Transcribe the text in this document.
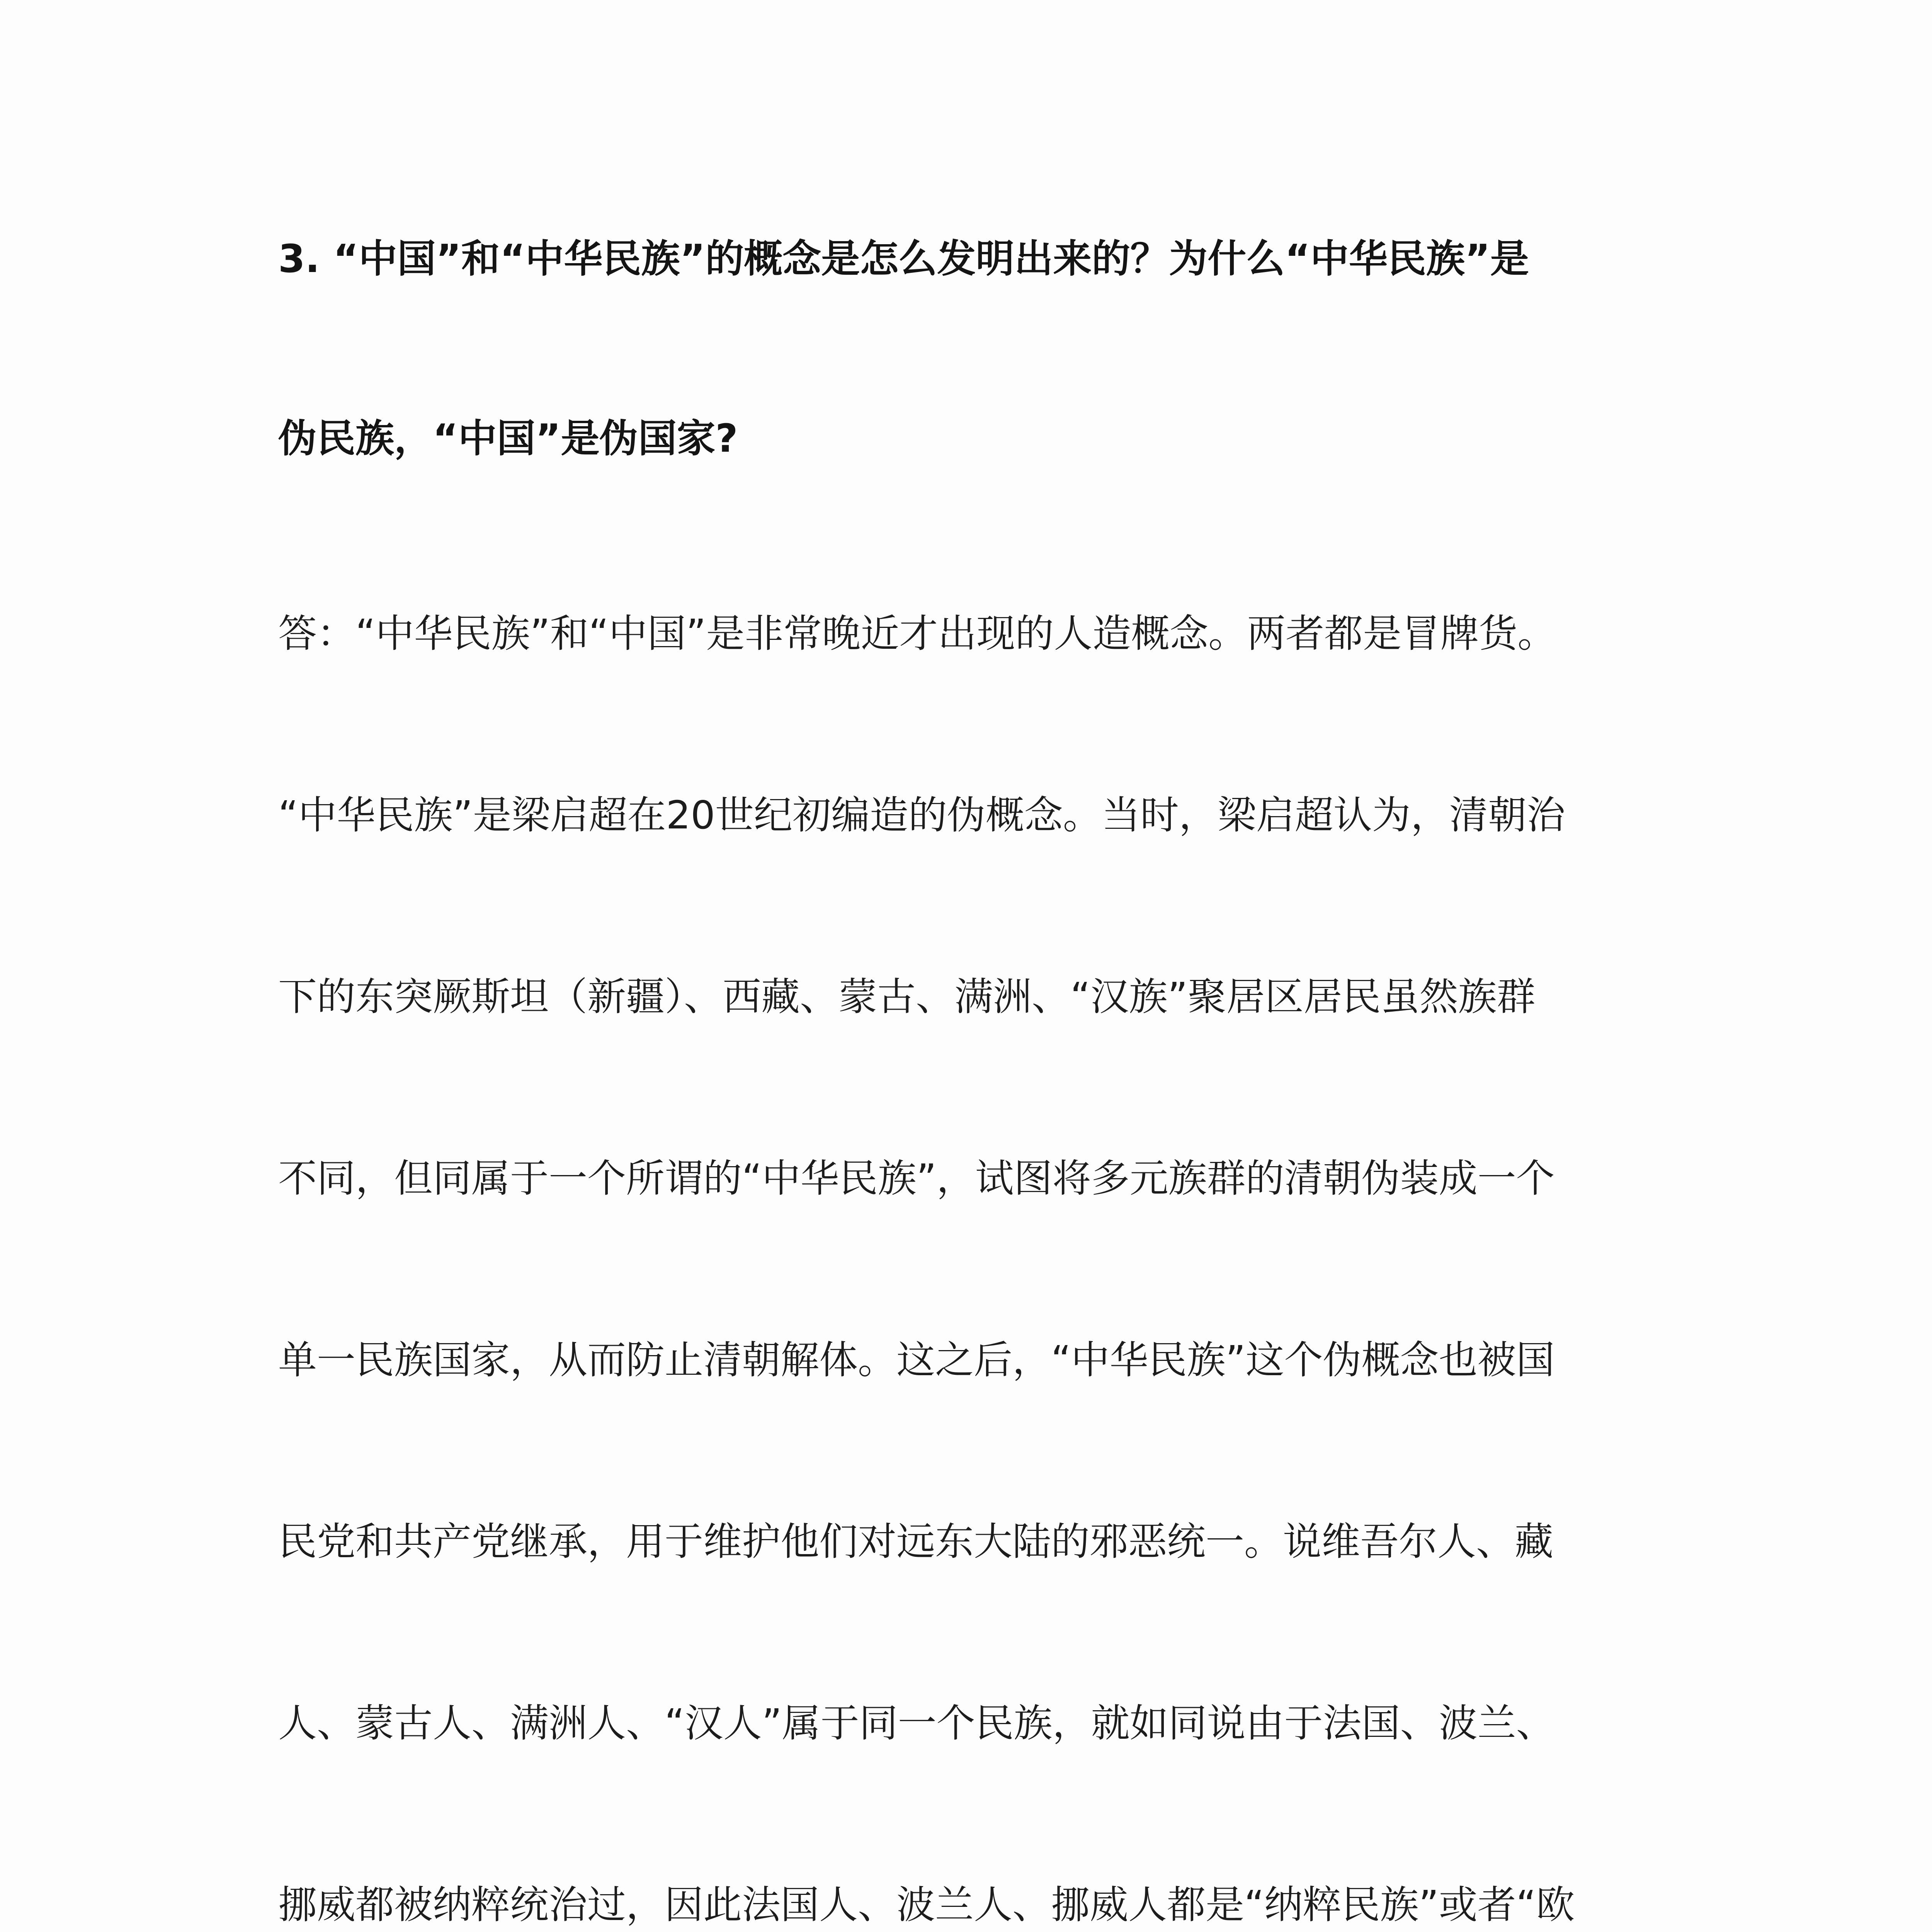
3. “中国”和“中华民族”的概念是怎么发明出来的？为什么“中华民族”是
伪民族，“中国”是伪国家?
答：“中华民族”和“中国”是非常晚近才出现的人造概念。两者都是冒牌货。
“中华民族”是梁启超在20世纪初编造的伪概念。当时，梁启超认为，清朝治
下的东突厥斯坦（新疆）、西藏、蒙古、满洲、“汉族”聚居区居民虽然族群
不同，但同属于一个所谓的“中华民族”，试图将多元族群的清朝伪装成一个
单一民族国家，从而防止清朝解体。这之后，“中华民族”这个伪概念也被国
民党和共产党继承，用于维护他们对远东大陆的邪恶统一。说维吾尔人、藏
人、蒙古人、满洲人、“汉人”属于同一个民族，就如同说由于法国、波兰、
挪威都被纳粹统治过，因此法国人、波兰人、挪威人都是“纳粹民族”或者“欧
